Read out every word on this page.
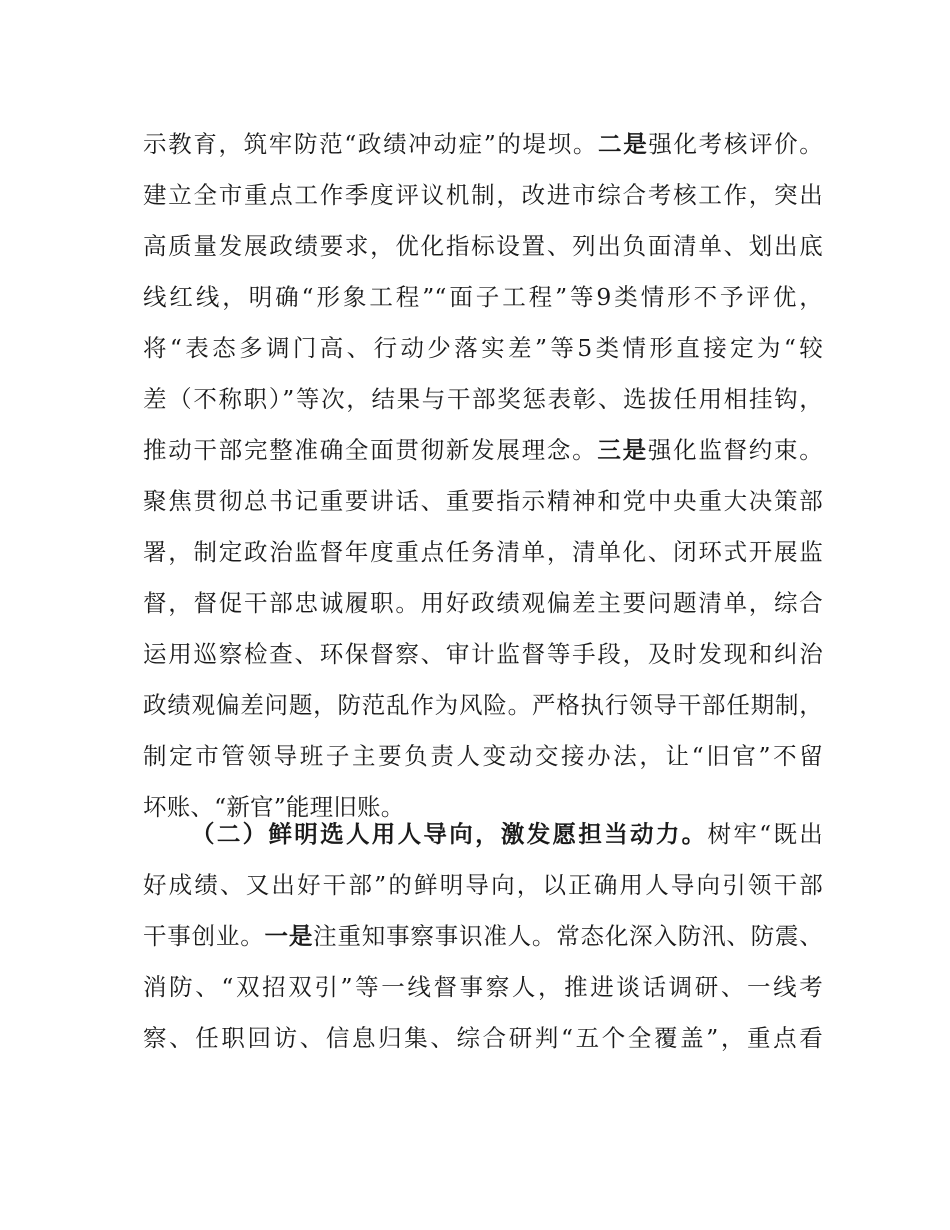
示教育，筑牢防范“政绩冲动症”的堤坝。二是强化考核评价。
建立全市重点工作季度评议机制，改进市综合考核工作，突出
高质量发展政绩要求，优化指标设置、列出负面清单、划出底
线红线，明确“形象工程”“面子工程”等9类情形不予评优，
将“表态多调门高、行动少落实差”等5类情形直接定为“较
差（不称职）”等次，结果与干部奖惩表彰、选拔任用相挂钩，
推动干部完整准确全面贯彻新发展理念。三是强化监督约束。
聚焦贯彻总书记重要讲话、重要指示精神和党中央重大决策部
署，制定政治监督年度重点任务清单，清单化、闭环式开展监
督，督促干部忠诚履职。用好政绩观偏差主要问题清单，综合
运用巡察检查、环保督察、审计监督等手段，及时发现和纠治
政绩观偏差问题，防范乱作为风险。严格执行领导干部任期制，
制定市管领导班子主要负责人变动交接办法，让“旧官”不留
坏账、“新官”能理旧账。
（二）鲜明选人用人导向，激发愿担当动力。树牢“既出
好成绩、又出好干部”的鲜明导向，以正确用人导向引领干部
干事创业。一是注重知事察事识准人。常态化深入防汛、防震、
消防、“双招双引”等一线督事察人，推进谈话调研、一线考
察、任职回访、信息归集、综合研判“五个全覆盖”，重点看
